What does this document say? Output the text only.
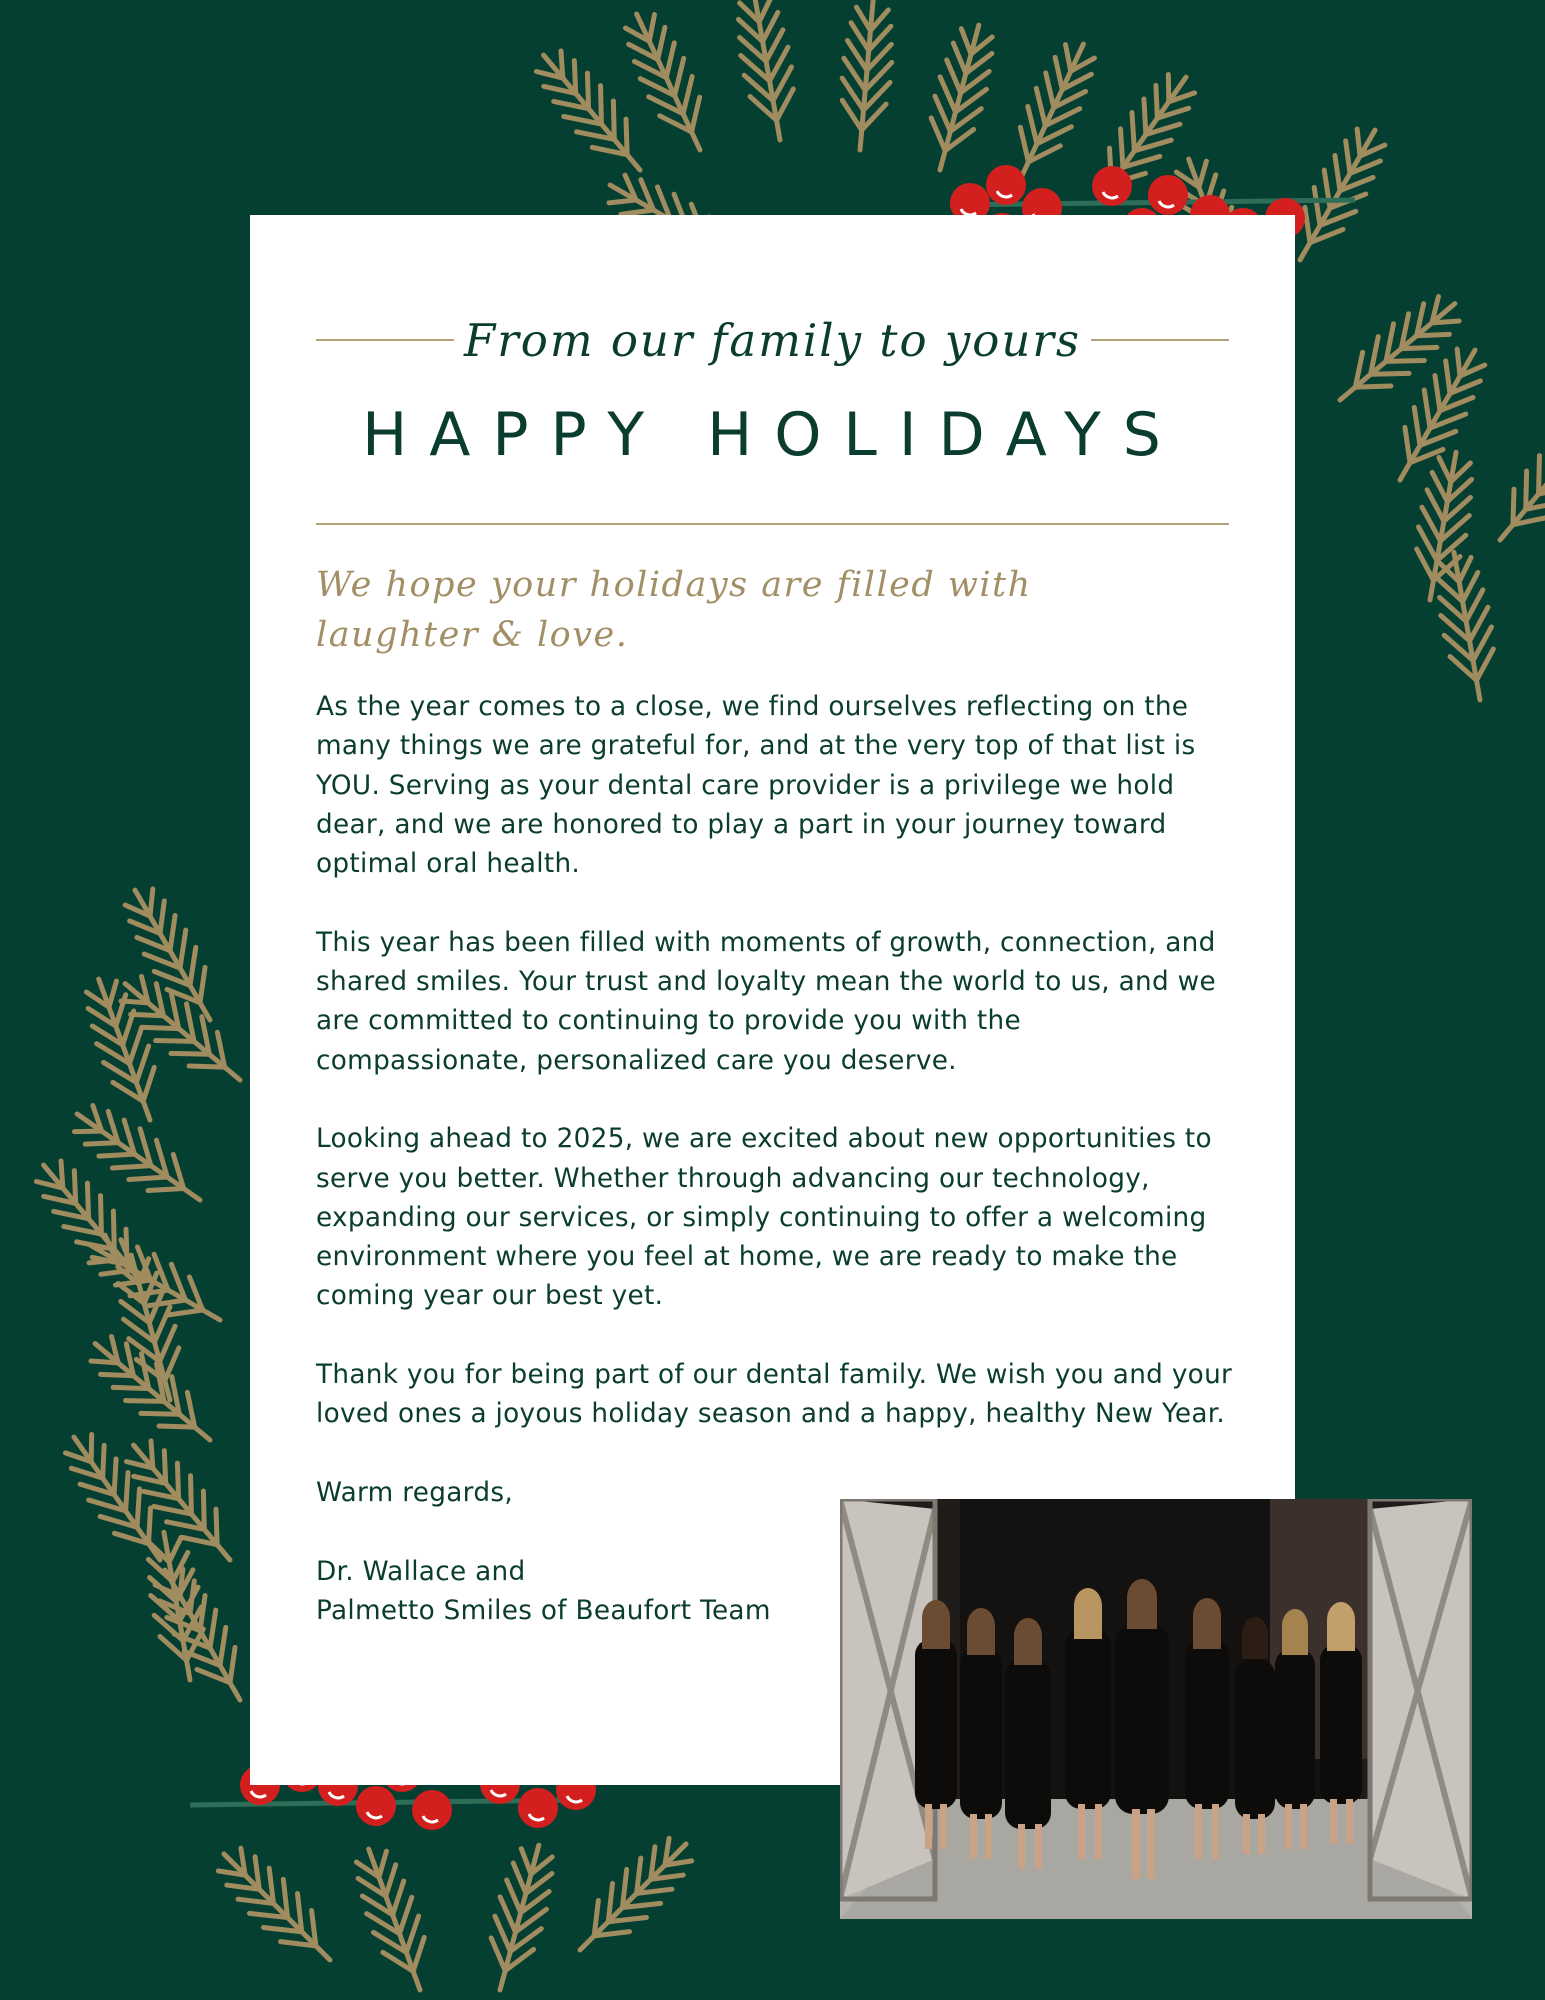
From our family to yours
HAPPY HOLIDAYS
We hope your holidays are filled with
laughter & love.

As the year comes to a close, we find ourselves reflecting on the many things we are grateful for, and at the very top of that list is YOU. Serving as your dental care provider is a privilege we hold dear, and we are honored to play a part in your journey toward optimal oral health.

This year has been filled with moments of growth, connection, and shared smiles. Your trust and loyalty mean the world to us, and we are committed to continuing to provide you with the compassionate, personalized care you deserve.

Looking ahead to 2025, we are excited about new opportunities to serve you better. Whether through advancing our technology, expanding our services, or simply continuing to offer a welcoming environment where you feel at home, we are ready to make the coming year our best yet.

Thank you for being part of our dental family. We wish you and your loved ones a joyous holiday season and a happy, healthy New Year.

Warm regards,

Dr. Wallace and

Palmetto Smiles of Beaufort Team
